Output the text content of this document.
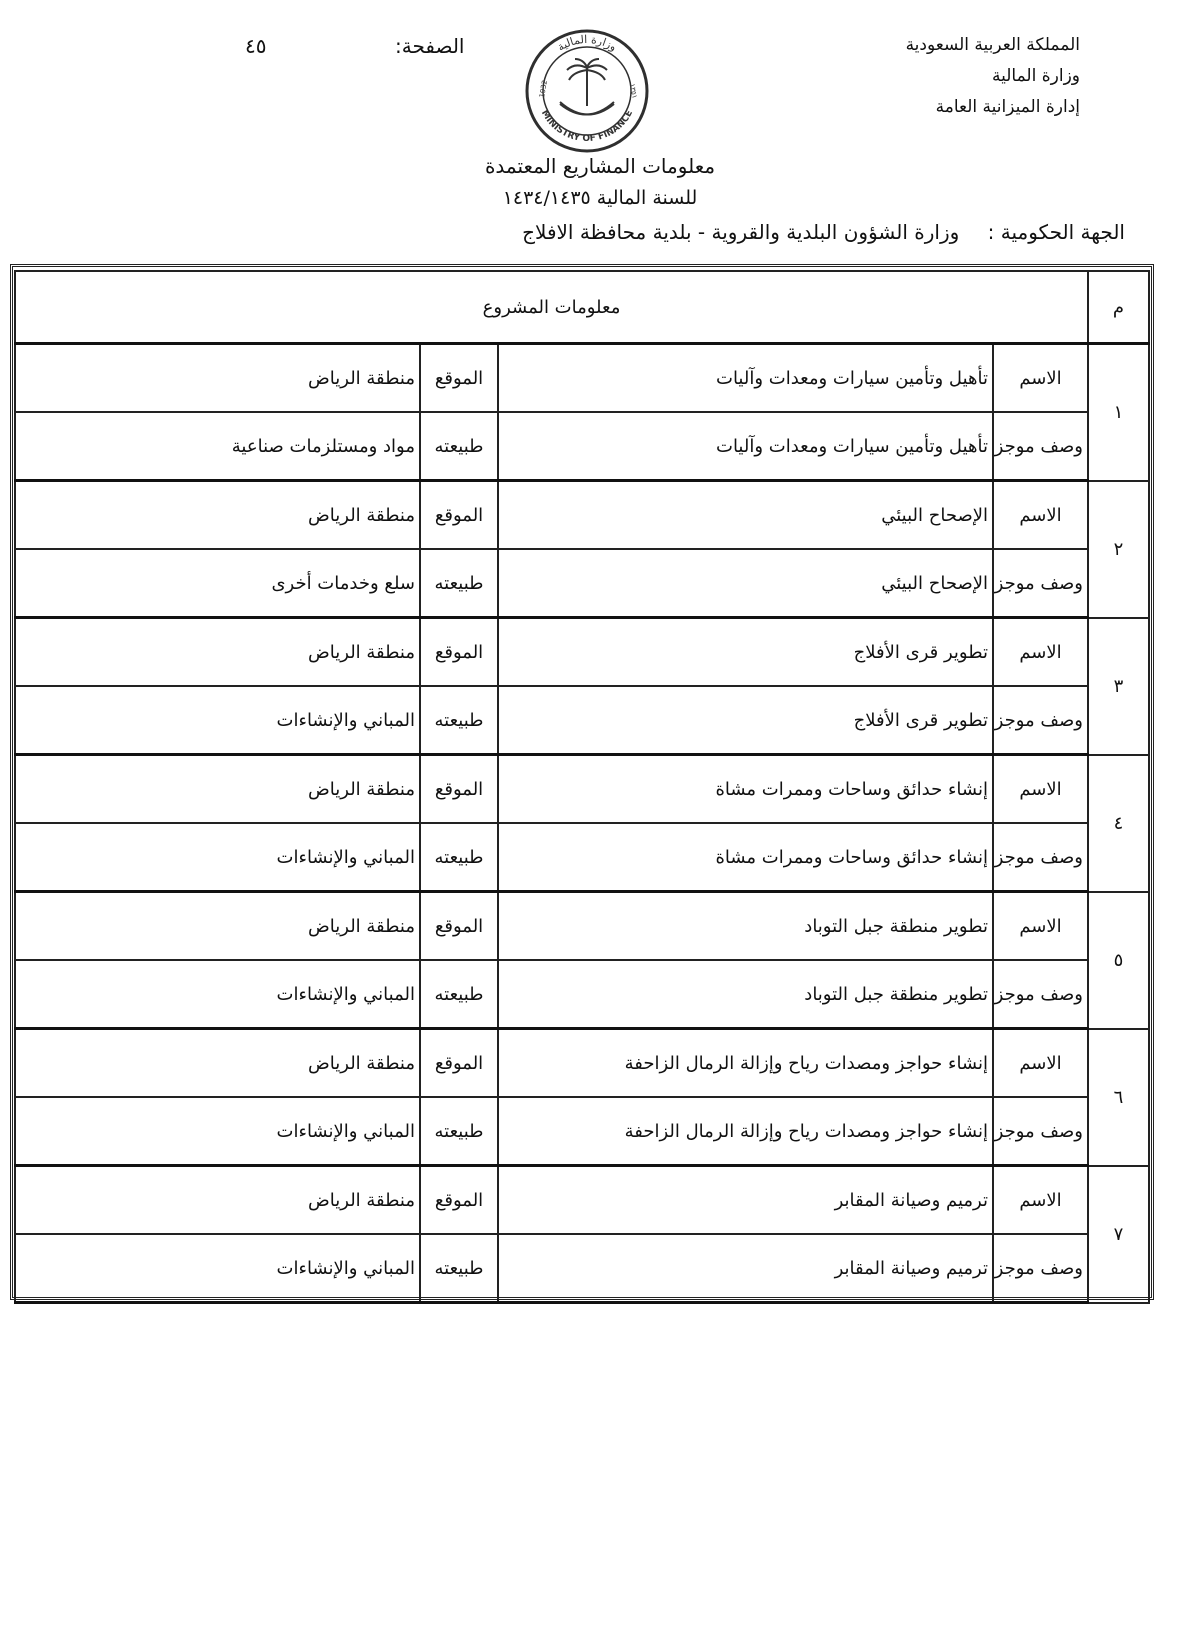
المملكة العربية السعودية
وزارة المالية
إدارة الميزانية العامة
الصفحة:
٤٥	وزارة المالية
MINISTRY OF FINANCE
1932	١٣٥١
معلومات المشاريع المعتمدة
للسنة المالية ١٤٣٤/١٤٣٥
الجهة الحكومية : وزارة الشؤون البلدية والقروية - بلدية محافظة الافلاج
م	معلومات المشروع			
١	الاسم	تأهيل وتأمين سيارات ومعدات وآليات	الموقع	منطقة الرياض
	وصف موجز	تأهيل وتأمين سيارات ومعدات وآليات	طبيعته	مواد ومستلزمات صناعية
٢	الاسم	الإصحاح البيئي	الموقع	منطقة الرياض
	وصف موجز	الإصحاح البيئي	طبيعته	سلع وخدمات أخرى
٣	الاسم	تطوير قرى الأفلاج	الموقع	منطقة الرياض
	وصف موجز	تطوير قرى الأفلاج	طبيعته	المباني والإنشاءات
٤	الاسم	إنشاء حدائق وساحات وممرات مشاة	الموقع	منطقة الرياض
	وصف موجز	إنشاء حدائق وساحات وممرات مشاة	طبيعته	المباني والإنشاءات
٥	الاسم	تطوير منطقة جبل التوباد	الموقع	منطقة الرياض
	وصف موجز	تطوير منطقة جبل التوباد	طبيعته	المباني والإنشاءات
٦	الاسم	إنشاء حواجز ومصدات رياح وإزالة الرمال الزاحفة	الموقع	منطقة الرياض
	وصف موجز	إنشاء حواجز ومصدات رياح وإزالة الرمال الزاحفة	طبيعته	المباني والإنشاءات
٧	الاسم	ترميم وصيانة المقابر	الموقع	منطقة الرياض
	وصف موجز	ترميم وصيانة المقابر	طبيعته	المباني والإنشاءات
